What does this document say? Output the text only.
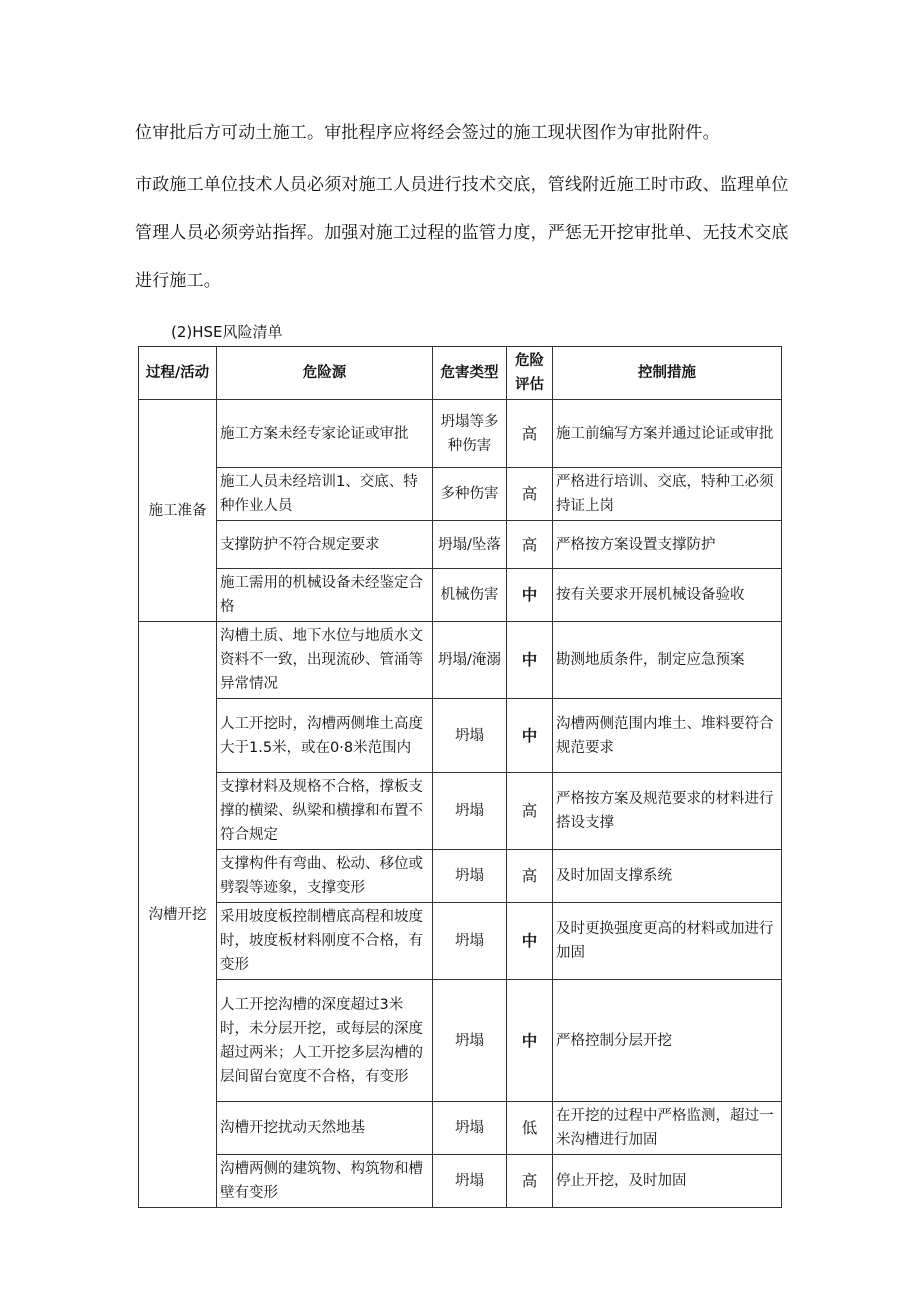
位审批后方可动土施工。审批程序应将经会签过的施工现状图作为审批附件。
市政施工单位技术人员必须对施工人员进行技术交底，管线附近施工时市政、监理单位
管理人员必须旁站指挥。加强对施工过程的监管力度，严惩无开挖审批单、无技术交底
进行施工。
(2)HSE风险清单
过程/活动	危险源	危害类型	危险评估	控制措施
施工准备	施工方案未经专家论证或审批	坍塌等多种伤害	高	施工前编写方案并通过论证或审批
	施工人员未经培训1、交底、特种作业人员	多种伤害	高	严格进行培训、交底，特种工必须持证上岗
	支撑防护不符合规定要求	坍塌/坠落	高	严格按方案设置支撑防护
	施工需用的机械设备未经鉴定合格	机械伤害	中	按有关要求开展机械设备验收
沟槽开挖	沟槽土质、地下水位与地质水文资料不一致，出现流砂、管涌等异常情况	坍塌/淹溺	中	勘测地质条件，制定应急预案
	人工开挖时，沟槽两侧堆土高度大于1.5米，或在0·8米范围内	坍塌	中	沟槽两侧范围内堆土、堆料要符合规范要求
	支撑材料及规格不合格，撑板支撑的横梁、纵梁和横撑和布置不符合规定	坍塌	高	严格按方案及规范要求的材料进行搭设支撑
	支撑构件有弯曲、松动、移位或劈裂等迹象，支撑变形	坍塌	高	及时加固支撑系统
	采用坡度板控制槽底高程和坡度时，坡度板材料刚度不合格，有变形	坍塌	中	及时更换强度更高的材料或加进行加固
	人工开挖沟槽的深度超过3米时，未分层开挖，或每层的深度超过两米；人工开挖多层沟槽的层间留台宽度不合格，有变形	坍塌	中	严格控制分层开挖
	沟槽开挖扰动天然地基	坍塌	低	在开挖的过程中严格监测，超过一米沟槽进行加固
	沟槽两侧的建筑物、构筑物和槽壁有变形	坍塌	高	停止开挖，及时加固
